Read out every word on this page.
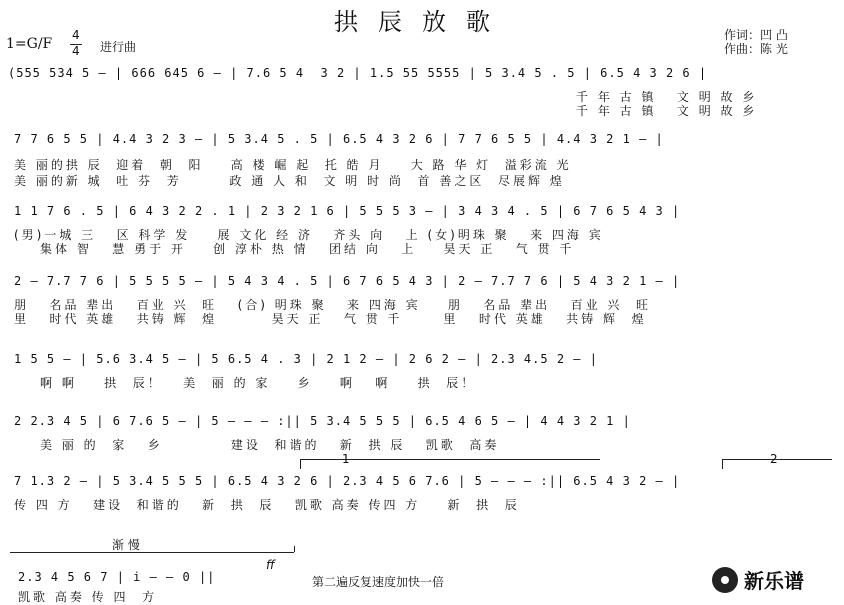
拱辰放歌
1=G/F
4
4 进行曲
作词：凹 凸
作曲：陈 光
(555 534 5 — | 666 645 6 — | 7.6 5 4  3 2 | 1.5 55 5555 | 5 3.4 5 . 5 | 6.5 4 3 2 6 |
千 年 古 镇   文 明 故 乡
千 年 古 镇   文 明 故 乡
7 7 6 5 5 | 4.4 3 2 3 — | 5 3.4 5 . 5 | 6.5 4 3 2 6 | 7 7 6 5 5 | 4.4 3 2 1 — |
美 丽的拱 辰  迎着  朝  阳    高 楼 崛 起  托 皓 月    大 路 华 灯  溢彩流 光
美 丽的新 城  吐 芬  芳       政 通 人 和  文 明 时 尚  首 善之区  尽展辉 煌
1 1 7 6 . 5 | 6 4 3 2 2 . 1 | 2 3 2 1 6 | 5 5 5 3 — | 3 4 3 4 . 5 | 6 7 6 5 4 3 |
(男)一城 三   区 科学 发    展 文化 经 济   齐头 向   上 (女)明珠 聚   来 四海 宾
集体 智   慧 勇于 开    创 淳朴 热 情   团结 向   上    昊天 正   气 贯 千
2 — 7.7 7 6 | 5 5 5 5 — | 5 4 3 4 . 5 | 6 7 6 5 4 3 | 2 — 7.7 7 6 | 5 4 3 2 1 — |
朋   名品 辈出   百业 兴  旺   (合) 明珠 聚   来 四海 宾    朋   名品 辈出   百业 兴  旺
里   时代 英雄   共铸 辉  煌        昊天 正   气 贯 千      里   时代 英雄   共铸 辉  煌
1 5 5 — | 5.6 3.4 5 — | 5 6.5 4 . 3 | 2 1 2 — | 2 6 2 — | 2.3 4.5 2 — |
啊 啊    拱  辰！   美  丽 的 家    乡    啊   啊    拱  辰！
2 2.3 4 5 | 6 7.6 5 — | 5 — — — :|| 5 3.4 5 5 5 | 6.5 4 6 5 — | 4 4 3 2 1 |
美 丽 的  家   乡          建设  和谐的   新  拱 辰   凯歌  高奏
1	2
7 1.3 2 — | 5 3.4 5 5 5 | 6.5 4 3 2 6 | 2.3 4 5 6 7.6 | 5 — — — :|| 6.5 4 3 2 — |
传 四 方   建设  和谐的   新  拱  辰   凯歌 高奏 传四 方    新  拱  辰
渐 慢
ff
2.3 4 5 6 7 | i — — 0 ||
凯歌 高奏 传 四  方
第二遍反复速度加快一倍	新乐谱
